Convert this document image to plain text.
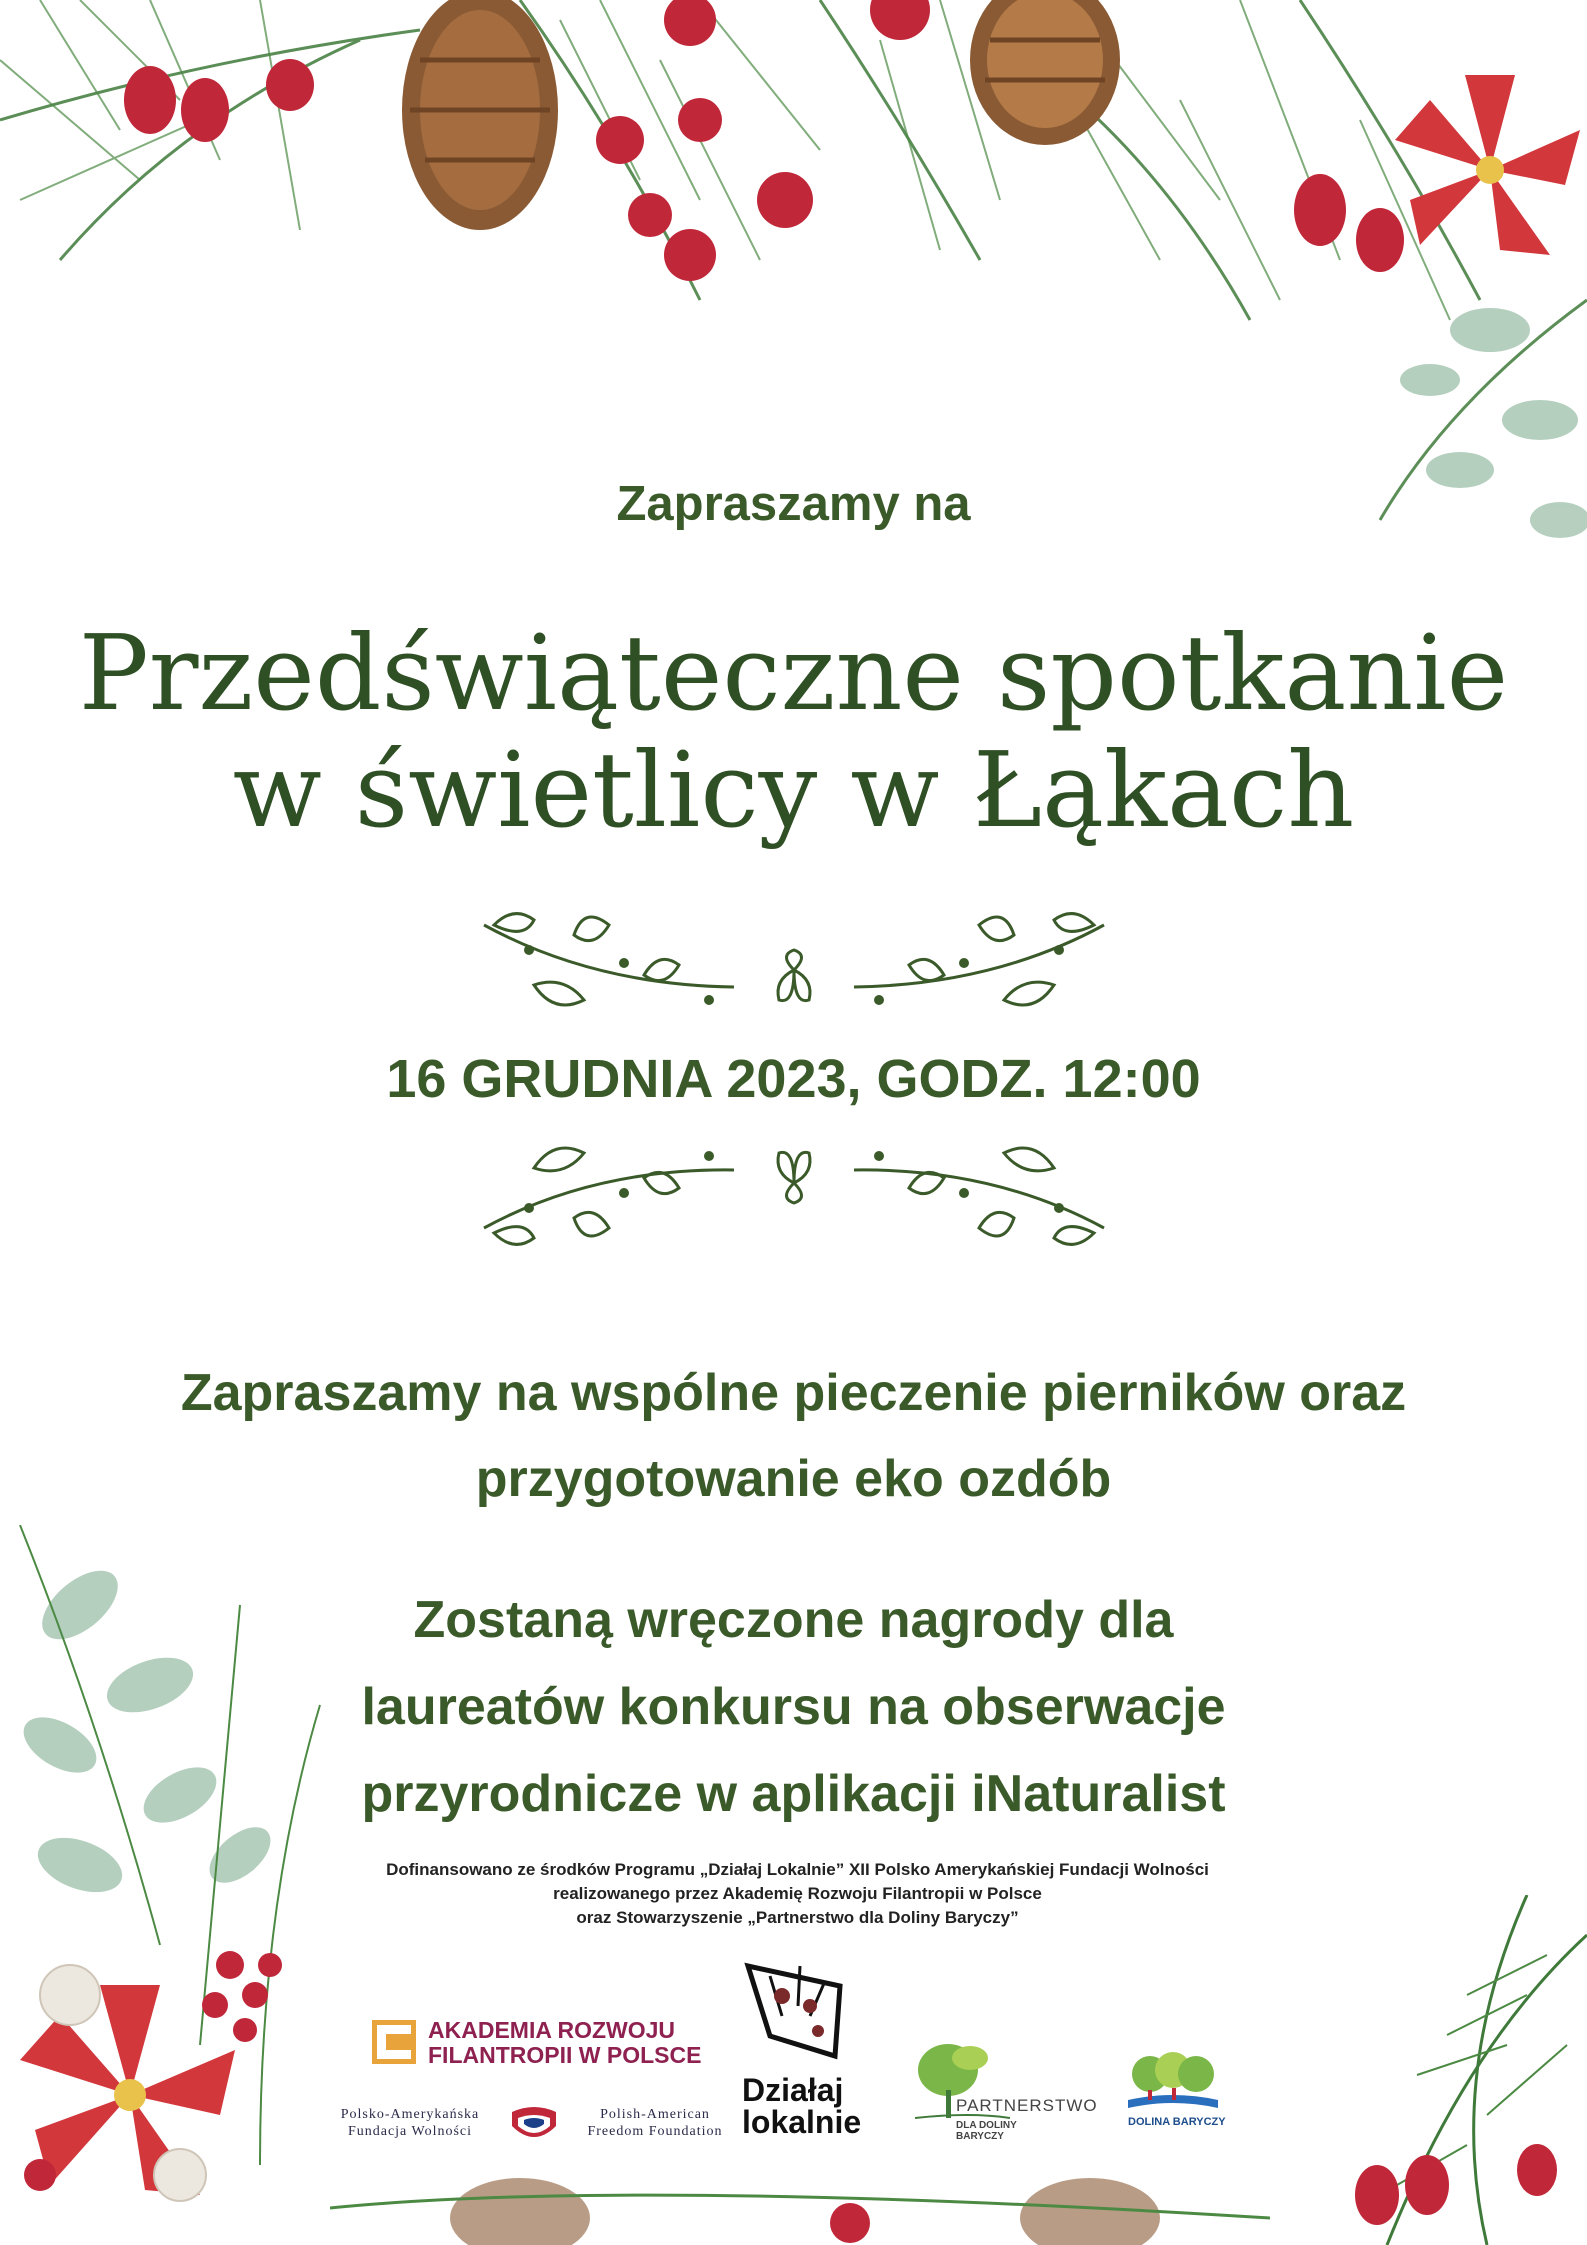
Zapraszamy na
Przedświąteczne spotkanie
w świetlicy w Łąkach
16 GRUDNIA 2023, GODZ. 12:00
Zapraszamy na wspólne pieczenie pierników oraz
przygotowanie eko ozdób
Zostaną wręczone nagrody dla
laureatów konkursu na obserwacje
przyrodnicze w aplikacji iNaturalist
Dofinansowano ze środków Programu „Działaj Lokalnie” XII Polsko Amerykańskiej Fundacji Wolności
realizowanego przez Akademię Rozwoju Filantropii w Polsce
oraz Stowarzyszenie „Partnerstwo dla Doliny Baryczy”
AKADEMIA ROZWOJU
FILANTROPII W POLSCE
Polsko-Amerykańska
Fundacja Wolności
Polish-American
Freedom Foundation
Działaj
lokalnie	PARTNERSTWO
DLA DOLINY BARYCZY
DOLINA BARYCZY
